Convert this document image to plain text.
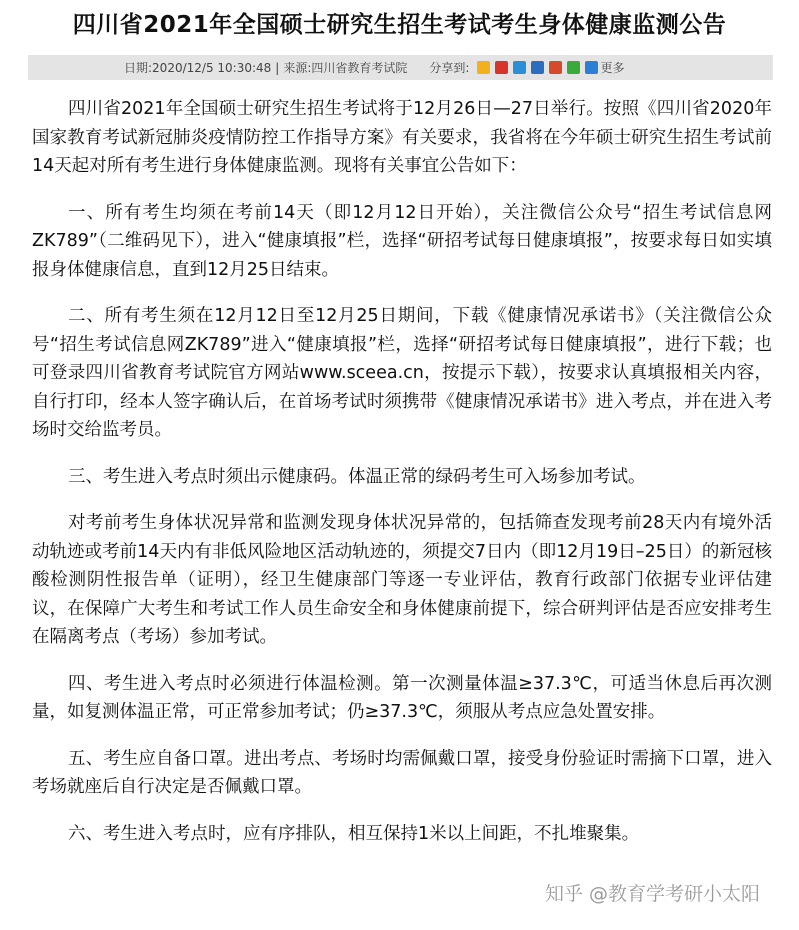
四川省2021年全国硕士研究生招生考试考生身体健康监测公告
日期:2020/12/5 10:30:48 | 来源:四川省教育考试院 分享到:	更多

四川省2021年全国硕士研究生招生考试将于12月26日—27日举行。按照《四川省2020年国家教育考试新冠肺炎疫情防控工作指导方案》有关要求，我省将在今年硕士研究生招生考试前14天起对所有考生进行身体健康监测。现将有关事宜公告如下：

一、所有考生均须在考前14天（即12月12日开始），关注微信公众号“招生考试信息网ZK789”（二维码见下），进入“健康填报”栏，选择“研招考试每日健康填报”，按要求每日如实填报身体健康信息，直到12月25日结束。

二、所有考生须在12月12日至12月25日期间，下载《健康情况承诺书》（关注微信公众号“招生考试信息网ZK789”进入“健康填报”栏，选择“研招考试每日健康填报”，进行下载；也可登录四川省教育考试院官方网站www.sceea.cn，按提示下载），按要求认真填报相关内容，自行打印，经本人签字确认后，在首场考试时须携带《健康情况承诺书》进入考点，并在进入考场时交给监考员。

三、考生进入考点时须出示健康码。体温正常的绿码考生可入场参加考试。

对考前考生身体状况异常和监测发现身体状况异常的，包括筛查发现考前28天内有境外活动轨迹或考前14天内有非低风险地区活动轨迹的，须提交7日内（即12月19日–25日）的新冠核酸检测阴性报告单（证明），经卫生健康部门等逐一专业评估，教育行政部门依据专业评估建议，在保障广大考生和考试工作人员生命安全和身体健康前提下，综合研判评估是否应安排考生在隔离考点（考场）参加考试。

四、考生进入考点时必须进行体温检测。第一次测量体温≥37.3℃，可适当休息后再次测量，如复测体温正常，可正常参加考试；仍≥37.3℃，须服从考点应急处置安排。

五、考生应自备口罩。进出考点、考场时均需佩戴口罩，接受身份验证时需摘下口罩，进入考场就座后自行决定是否佩戴口罩。

六、考生进入考点时，应有序排队，相互保持1米以上间距，不扎堆聚集。

知乎 @教育学考研小太阳
